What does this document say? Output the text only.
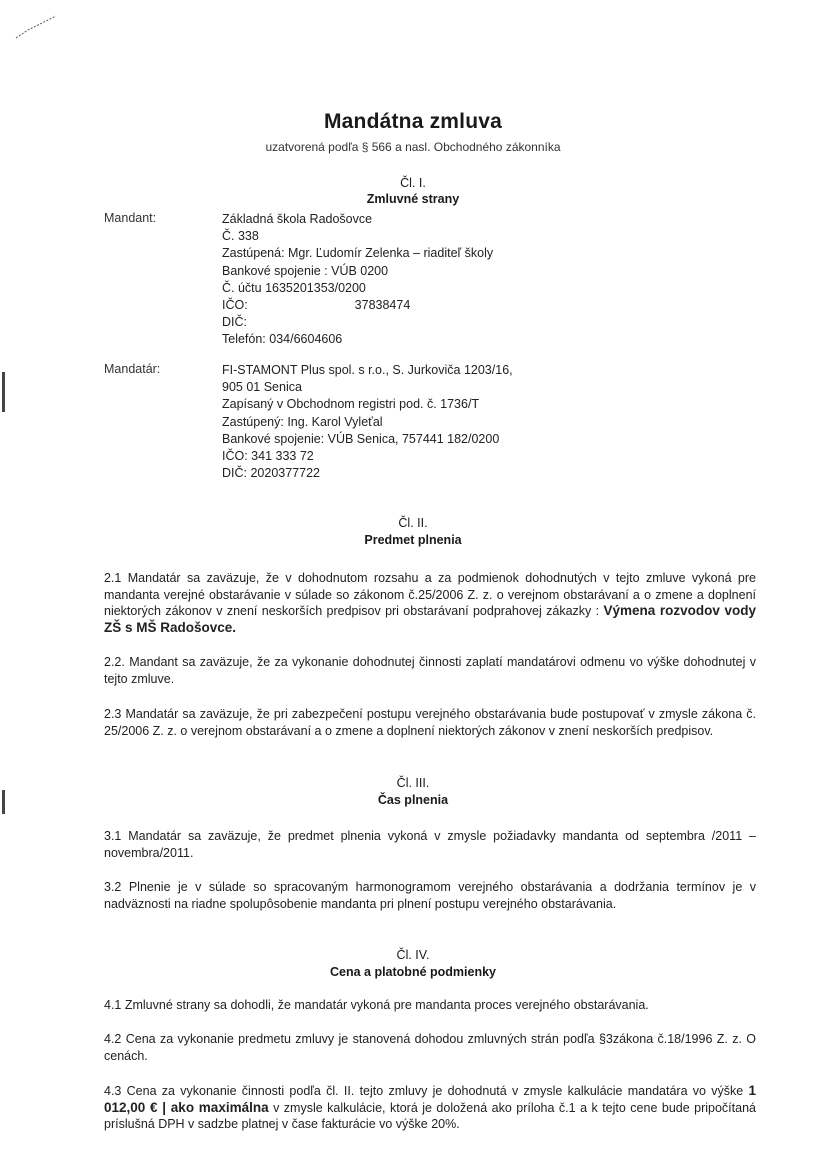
Mandátna zmluva
uzatvorená podľa § 566 a nasl. Obchodného zákonníka
Čl. I.
Zmluvné strany
Mandant:	Základná škola Radošovce
Č. 338
Zastúpená: Mgr. Ľudomír Zelenka – riaditeľ školy
Bankové spojenie : VÚB 0200
Č. účtu 1635201353/0200
IČO:	37838474
DIČ:
Telefón: 034/6604606
Mandatár:	FI-STAMONT Plus spol. s r.o., S. Jurkoviča 1203/16,
905 01 Senica
Zapísaný v Obchodnom registri pod. č. 1736/T
Zastúpený: Ing. Karol Vyleťal
Bankové spojenie: VÚB Senica, 757441 182/0200
IČO: 341 333 72
DIČ: 2020377722
Čl. II.
Predmet plnenia
2.1 Mandatár sa zaväzuje, že v dohodnutom rozsahu a za podmienok dohodnutých v tejto zmluve vykoná pre mandanta verejné obstarávanie v súlade so zákonom č.25/2006 Z. z. o verejnom obstarávaní a o zmene a doplnení niektorých zákonov v znení neskorších predpisov pri obstarávaní podprahovej zákazky : Výmena rozvodov vody ZŠ s MŠ Radošovce.
2.2. Mandant sa zaväzuje, že za vykonanie dohodnutej činnosti zaplatí mandatárovi odmenu vo výške dohodnutej v tejto zmluve.
2.3 Mandatár sa zaväzuje, že pri zabezpečení postupu verejného obstarávania bude postupovať v zmysle zákona č. 25/2006 Z. z. o verejnom obstarávaní a o zmene a doplnení niektorých zákonov v znení neskorších predpisov.
Čl. III.
Čas plnenia
3.1 Mandatár sa zaväzuje, že predmet plnenia vykoná v zmysle požiadavky mandanta od septembra /2011 – novembra/2011.
3.2 Plnenie je v súlade so spracovaným harmonogramom verejného obstarávania a dodržania termínov je v nadväznosti na riadne spolupôsobenie mandanta pri plnení postupu verejného obstarávania.
Čl. IV.
Cena a platobné podmienky
4.1 Zmluvné strany sa dohodli, že mandatár vykoná pre mandanta proces verejného obstarávania.
4.2 Cena za vykonanie predmetu zmluvy je stanovená dohodou zmluvných strán podľa §3zákona č.18/1996 Z. z. O cenách.
4.3 Cena za vykonanie činnosti podľa čl. II. tejto zmluvy je dohodnutá v zmysle kalkulácie mandatára vo výške 1 012,00 € | ako maximálna v zmysle kalkulácie, ktorá je doložená ako príloha č.1 a k tejto cene bude pripočítaná príslušná DPH v sadzbe platnej v čase fakturácie vo výške 20%.
